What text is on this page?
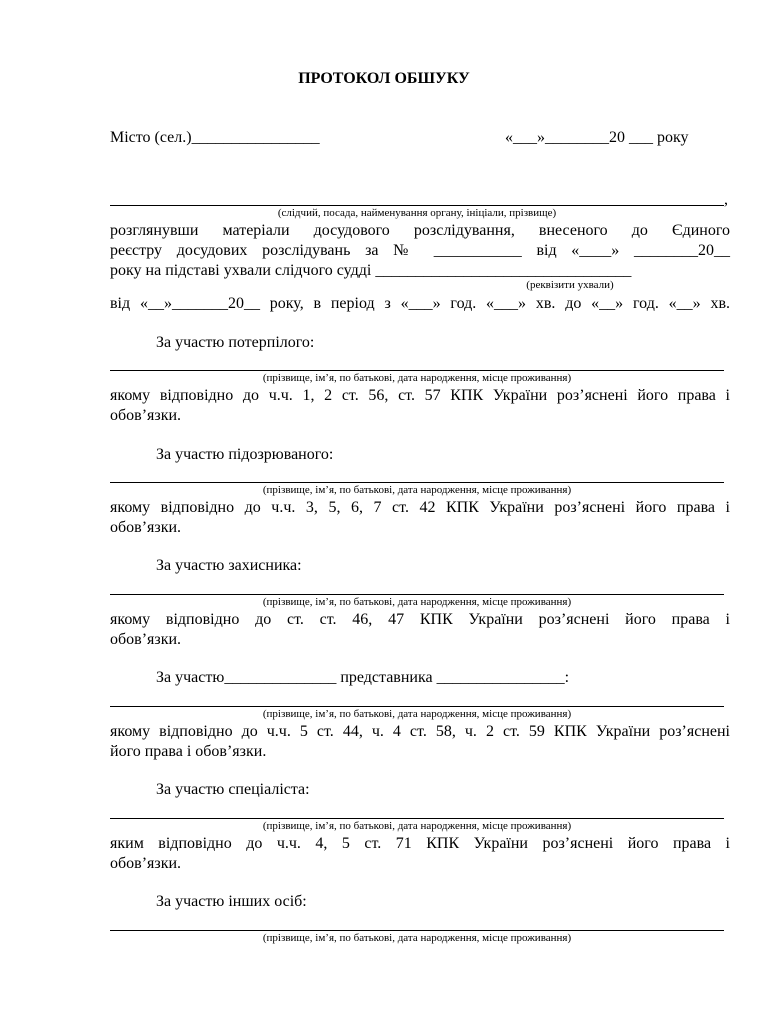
ПРОТОКОЛ ОБШУКУ
Місто (сел.)________________	«___»________20 ___ року
,
(слідчий, посада, найменування органу, ініціали, прізвище)
розглянувши матеріали досудового розслідування, внесеного до Єдиного
реєстру досудових розслідувань за № ___________ від «____» ________20__
року на підставі ухвали слідчого судді ________________________________
(реквізити ухвали)
від «__»_______20__ року, в період з «___» год. «___» хв. до «__» год. «__» хв.
За участю потерпілого:
(прізвище, ім’я, по батькові, дата народження, місце проживання)
якому відповідно до ч.ч. 1, 2 ст. 56, ст. 57 КПК України роз’яснені його права і
обов’язки.
За участю підозрюваного:
(прізвище, ім’я, по батькові, дата народження, місце проживання)
якому відповідно до ч.ч. 3, 5, 6, 7 ст. 42 КПК України роз’яснені його права і
обов’язки.
За участю захисника:
(прізвище, ім’я, по батькові, дата народження, місце проживання)
якому відповідно до ст. ст. 46, 47 КПК України роз’яснені його права і
обов’язки.
За участю______________ представника ________________:
(прізвище, ім’я, по батькові, дата народження, місце проживання)
якому відповідно до ч.ч. 5 ст. 44, ч. 4 ст. 58, ч. 2 ст. 59 КПК України роз’яснені
його права і обов’язки.
За участю спеціаліста:
(прізвище, ім’я, по батькові, дата народження, місце проживання)
яким відповідно до ч.ч. 4, 5 ст. 71 КПК України роз’яснені його права і
обов’язки.
За участю інших осіб:
(прізвище, ім’я, по батькові, дата народження, місце проживання)
